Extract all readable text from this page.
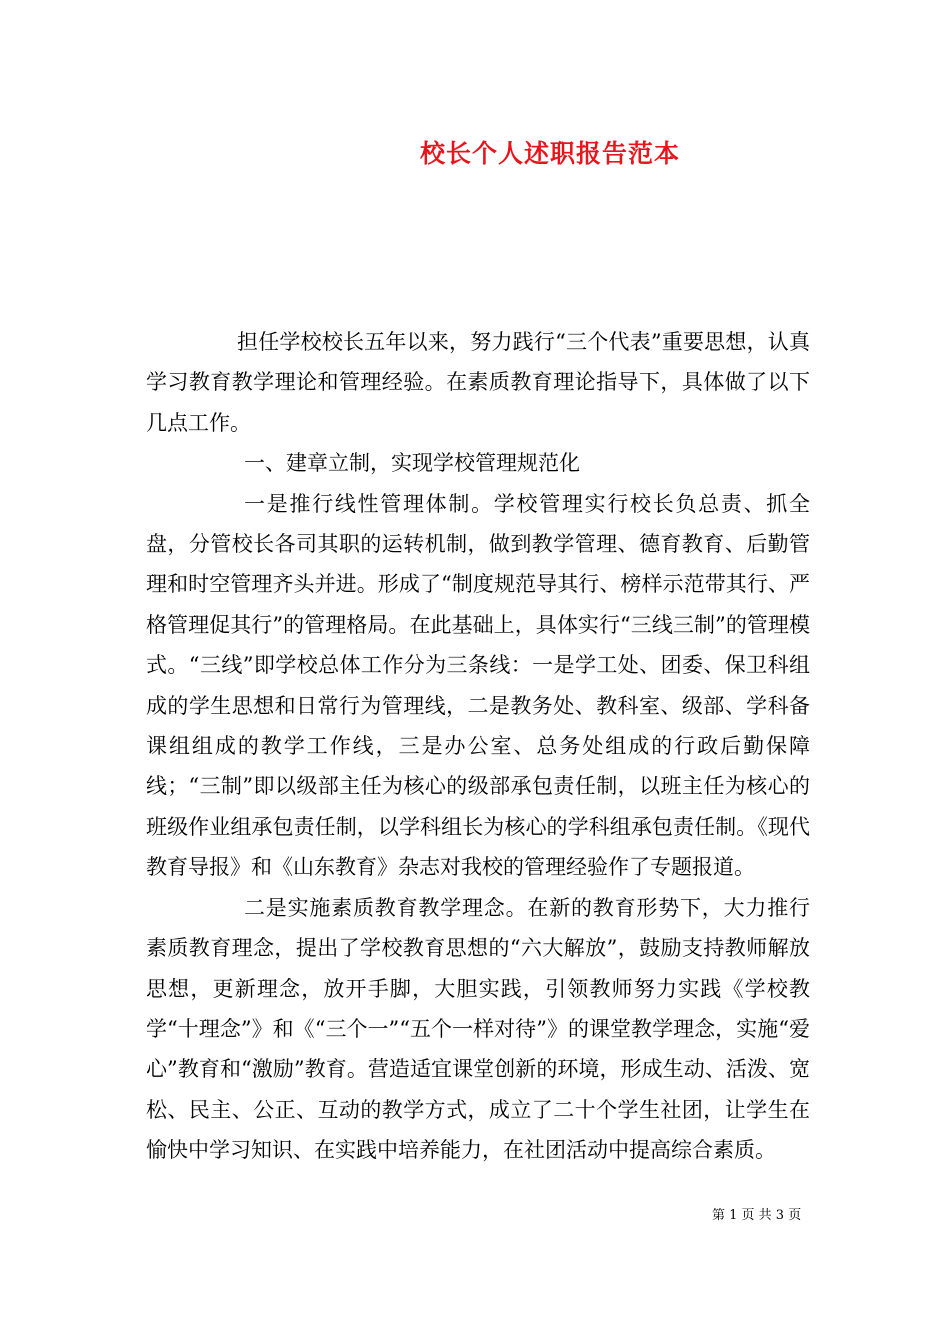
校长个人述职报告范本

担任学校校长五年以来，努力践行“三个代表”重要思想，认真学习教育教学理论和管理经验。在素质教育理论指导下，具体做了以下几点工作。

一、建章立制，实现学校管理规范化

一是推行线性管理体制。学校管理实行校长负总责、抓全盘，分管校长各司其职的运转机制，做到教学管理、德育教育、后勤管理和时空管理齐头并进。形成了“制度规范导其行、榜样示范带其行、严格管理促其行”的管理格局。在此基础上，具体实行“三线三制”的管理模式。“三线”即学校总体工作分为三条线：一是学工处、团委、保卫科组成的学生思想和日常行为管理线，二是教务处、教科室、级部、学科备课组组成的教学工作线，三是办公室、总务处组成的行政后勤保障线；“三制”即以级部主任为核心的级部承包责任制，以班主任为核心的班级作业组承包责任制，以学科组长为核心的学科组承包责任制。《现代教育导报》和《山东教育》杂志对我校的管理经验作了专题报道。

二是实施素质教育教学理念。在新的教育形势下，大力推行素质教育理念，提出了学校教育思想的“六大解放”，鼓励支持教师解放思想，更新理念，放开手脚，大胆实践，引领教师努力实践《学校教学“十理念”》和《“三个一”“五个一样对待”》的课堂教学理念，实施“爱心”教育和“激励”教育。营造适宜课堂创新的环境，形成生动、活泼、宽松、民主、公正、互动的教学方式，成立了二十个学生社团，让学生在愉快中学习知识、在实践中培养能力，在社团活动中提高综合素质。

第 1 页 共 3 页
